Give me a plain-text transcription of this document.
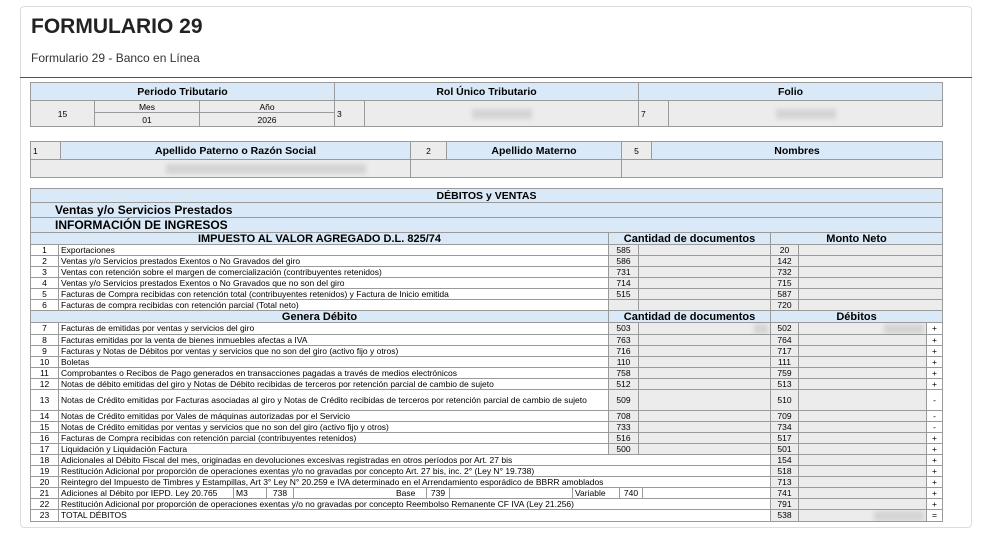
FORMULARIO 29
Formulario 29 - Banco en Línea
Periodo Tributario			Rol Único Tributario		Folio	
15	Mes	Año	3		7	
	01	2026				
1	Apellido Paterno o Razón Social	2	Apellido Materno	5	Nombres

DÉBITOS y VENTAS						
Ventas y/o Servicios Prestados						
INFORMACIÓN DE INGRESOS						
IMPUESTO AL VALOR AGREGADO D.L. 825/74		Cantidad de documentos		Monto Neto		
1	Exportaciones	585		20		
2	Ventas y/o Servicios prestados Exentos o No Gravados del giro	586		142		
3	Ventas con retención sobre el margen de comercialización (contribuyentes retenidos)	731		732		
4	Ventas y/o Servicios prestados Exentos o No Gravados que no son del giro	714		715		
5	Facturas de Compra recibidas con retención total (contribuyentes retenidos) y Factura de Inicio emitida	515		587		
6	Facturas de compra recibidas con retención parcial (Total neto)			720		
Genera Débito		Cantidad de documentos		Débitos		
7	Facturas de emitidas por ventas y servicios del giro	503		502		+
8	Facturas emitidas por la venta de bienes inmuebles afectas a IVA	763		764		+
9	Facturas y Notas de Débitos por ventas y servicios que no son del giro (activo fijo y otros)	716		717		+
10	Boletas	110		111		+
11	Comprobantes o Recibos de Pago generados en transacciones pagadas a través de medios electrónicos	758		759		+
12	Notas de débito emitidas del giro y Notas de Débito recibidas de terceros por retención parcial de cambio de sujeto	512		513		+
13	Notas de Crédito emitidas por Facturas asociadas al giro y Notas de Crédito recibidas de terceros por retención parcial de cambio de sujeto	509		510		-
14	Notas de Crédito emitidas por Vales de máquinas autorizadas por el Servicio	708		709		-
15	Notas de Crédito emitidas por ventas y servicios que no son del giro (activo fijo y otros)	733		734		-
16	Facturas de Compra recibidas con retención parcial (contribuyentes retenidos)	516		517		+
17	Liquidación y Liquidación Factura	500		501		+
18	Adicionales al Débito Fiscal del mes, originadas en devoluciones excesivas registradas en otros períodos por Art. 27 bis			154		+
19	Restitución Adicional por proporción de operaciones exentas y/o no gravadas por concepto Art. 27 bis, inc. 2° (Ley N° 19.738)			518		+
20	Reintegro del Impuesto de Timbres y Estampillas, Art 3° Ley N° 20.259 e IVA determinado en el Arrendamiento esporádico de BBRR amoblados			713		+
21	Adiciones al Débito por IEPD. Ley 20.765 M3 738 Base 739 Variable 740			741		+
22	Restitución Adicional por proporción de operaciones exentas y/o no gravadas por concepto Reembolso Remanente CF IVA (Ley 21.256)			791		+
23	TOTAL DÉBITOS			538		=
